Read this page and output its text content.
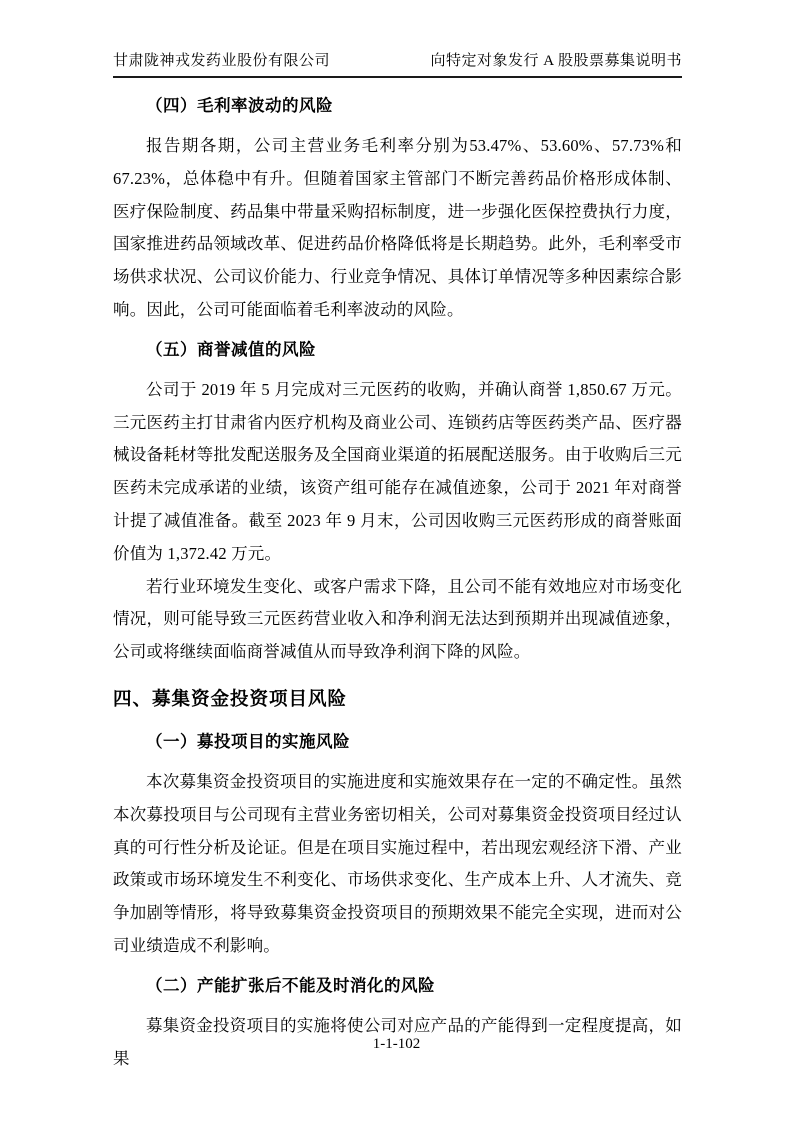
甘肃陇神戎发药业股份有限公司	向特定对象发行 A 股股票募集说明书
（四）毛利率波动的风险

报告期各期，公司主营业务毛利率分别为53.47%、53.60%、57.73%和67.23%，总体稳中有升。但随着国家主管部门不断完善药品价格形成体制、医疗保险制度、药品集中带量采购招标制度，进一步强化医保控费执行力度，国家推进药品领域改革、促进药品价格降低将是长期趋势。此外，毛利率受市场供求状况、公司议价能力、行业竞争情况、具体订单情况等多种因素综合影响。因此，公司可能面临着毛利率波动的风险。

（五）商誉减值的风险

公司于 2019 年 5 月完成对三元医药的收购，并确认商誉 1,850.67 万元。三元医药主打甘肃省内医疗机构及商业公司、连锁药店等医药类产品、医疗器械设备耗材等批发配送服务及全国商业渠道的拓展配送服务。由于收购后三元医药未完成承诺的业绩，该资产组可能存在减值迹象，公司于 2021 年对商誉计提了减值准备。截至 2023 年 9 月末，公司因收购三元医药形成的商誉账面价值为 1,372.42 万元。

若行业环境发生变化、或客户需求下降，且公司不能有效地应对市场变化情况，则可能导致三元医药营业收入和净利润无法达到预期并出现减值迹象，公司或将继续面临商誉减值从而导致净利润下降的风险。

四、募集资金投资项目风险
（一）募投项目的实施风险

本次募集资金投资项目的实施进度和实施效果存在一定的不确定性。虽然本次募投项目与公司现有主营业务密切相关，公司对募集资金投资项目经过认真的可行性分析及论证。但是在项目实施过程中，若出现宏观经济下滑、产业政策或市场环境发生不利变化、市场供求变化、生产成本上升、人才流失、竞争加剧等情形，将导致募集资金投资项目的预期效果不能完全实现，进而对公司业绩造成不利影响。

（二）产能扩张后不能及时消化的风险

募集资金投资项目的实施将使公司对应产品的产能得到一定程度提高，如果

1-1-102
